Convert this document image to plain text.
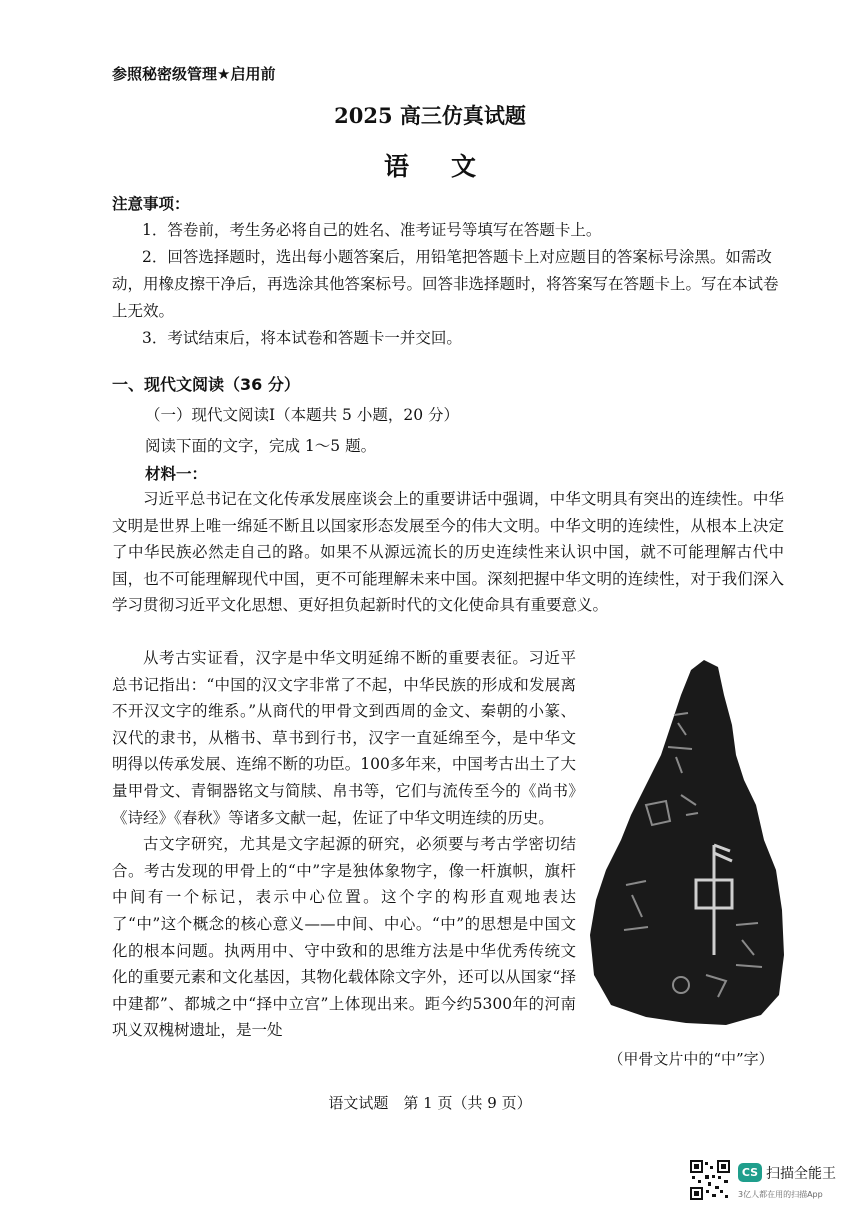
参照秘密级管理★启用前
2025 高三仿真试题
语文

注意事项：

1．答卷前，考生务必将自己的姓名、准考证号等填写在答题卡上。

2．回答选择题时，选出每小题答案后，用铅笔把答题卡上对应题目的答案标号涂黑。如需改动，用橡皮擦干净后，再选涂其他答案标号。回答非选择题时，将答案写在答题卡上。写在本试卷上无效。

3．考试结束后，将本试卷和答题卡一并交回。

一、现代文阅读（36 分）
（一）现代文阅读Ⅰ（本题共 5 小题，20 分）
阅读下面的文字，完成 1～5 题。
材料一：

习近平总书记在文化传承发展座谈会上的重要讲话中强调，中华文明具有突出的连续性。中华文明是世界上唯一绵延不断且以国家形态发展至今的伟大文明。中华文明的连续性，从根本上决定了中华民族必然走自己的路。如果不从源远流长的历史连续性来认识中国，就不可能理解古代中国，也不可能理解现代中国，更不可能理解未来中国。深刻把握中华文明的连续性，对于我们深入学习贯彻习近平文化思想、更好担负起新时代的文化使命具有重要意义。

从考古实证看，汉字是中华文明延绵不断的重要表征。习近平总书记指出：“中国的汉文字非常了不起，中华民族的形成和发展离不开汉文字的维系。”从商代的甲骨文到西周的金文、秦朝的小篆、汉代的隶书，从楷书、草书到行书，汉字一直延绵至今，是中华文明得以传承发展、连绵不断的功臣。100多年来，中国考古出土了大量甲骨文、青铜器铭文与简牍、帛书等，它们与流传至今的《尚书》《诗经》《春秋》等诸多文献一起，佐证了中华文明连续的历史。

古文字研究，尤其是文字起源的研究，必须要与考古学密切结合。考古发现的甲骨上的“中”字是独体象物字，像一杆旗帜，旗杆中间有一个标记，表示中心位置。这个字的构形直观地表达了“中”这个概念的核心意义——中间、中心。“中”的思想是中国文化的根本问题。执两用中、守中致和的思维方法是中华优秀传统文化的重要元素和文化基因，其物化载体除文字外，还可以从国家“择中建都”、都城之中“择中立宫”上体现出来。距今约5300年的河南巩义双槐树遗址，是一处

（甲骨文片中的“中”字）
语文试题　第 1 页（共 9 页）
CS 扫描全能王
3亿人都在用的扫描App
